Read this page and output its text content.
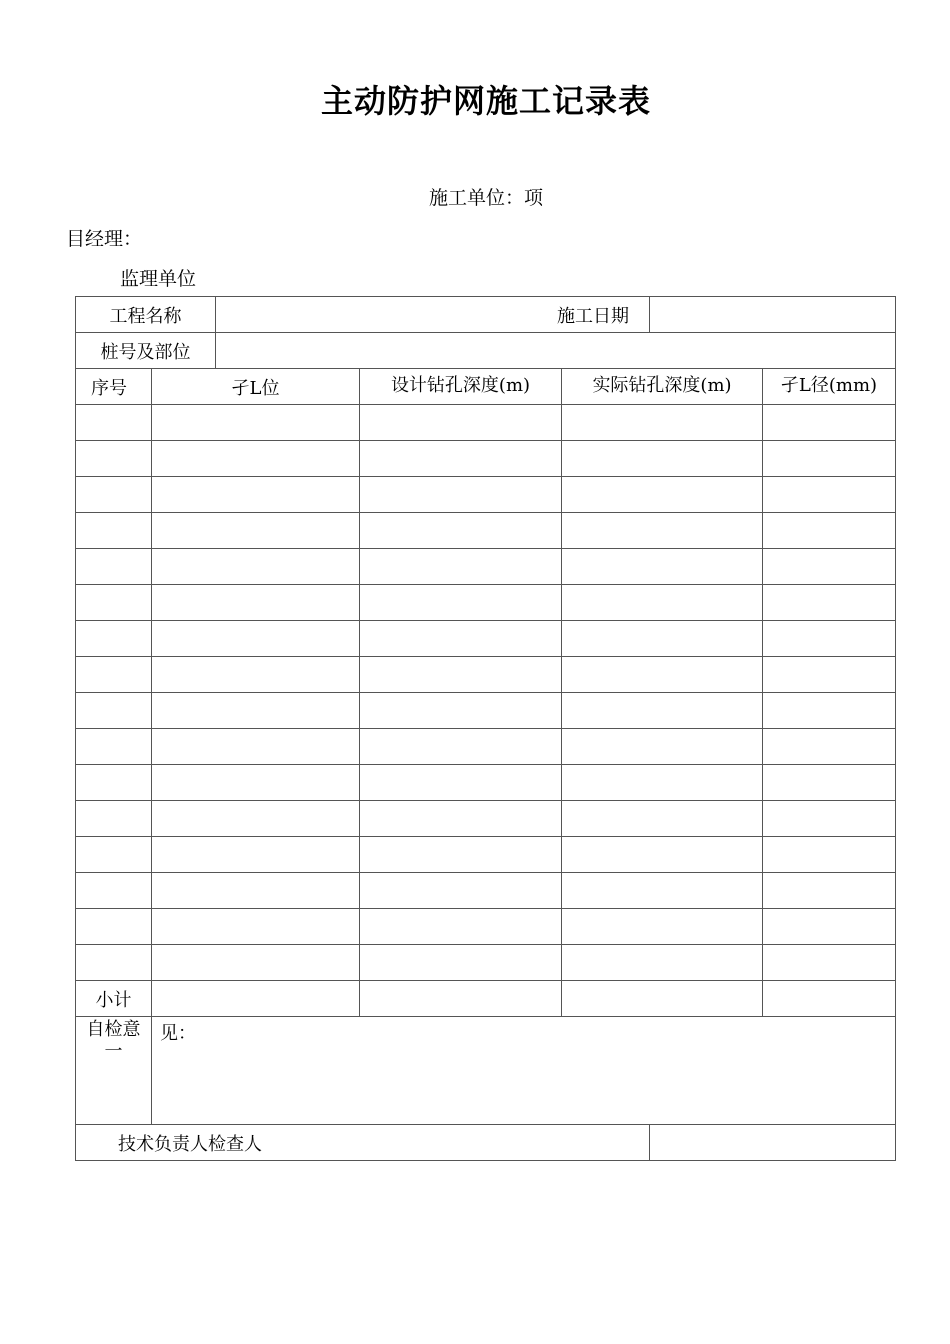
主动防护网施工记录表
施工单位：项
目经理：
监理单位
工程名称		施工日期				
桩号及部位						
序号	孑L位		设计钻孔深度(m)	实际钻孔深度(m)		孑L径(mm)

小计						
自检意一	见：					
技术负责人检查人						
